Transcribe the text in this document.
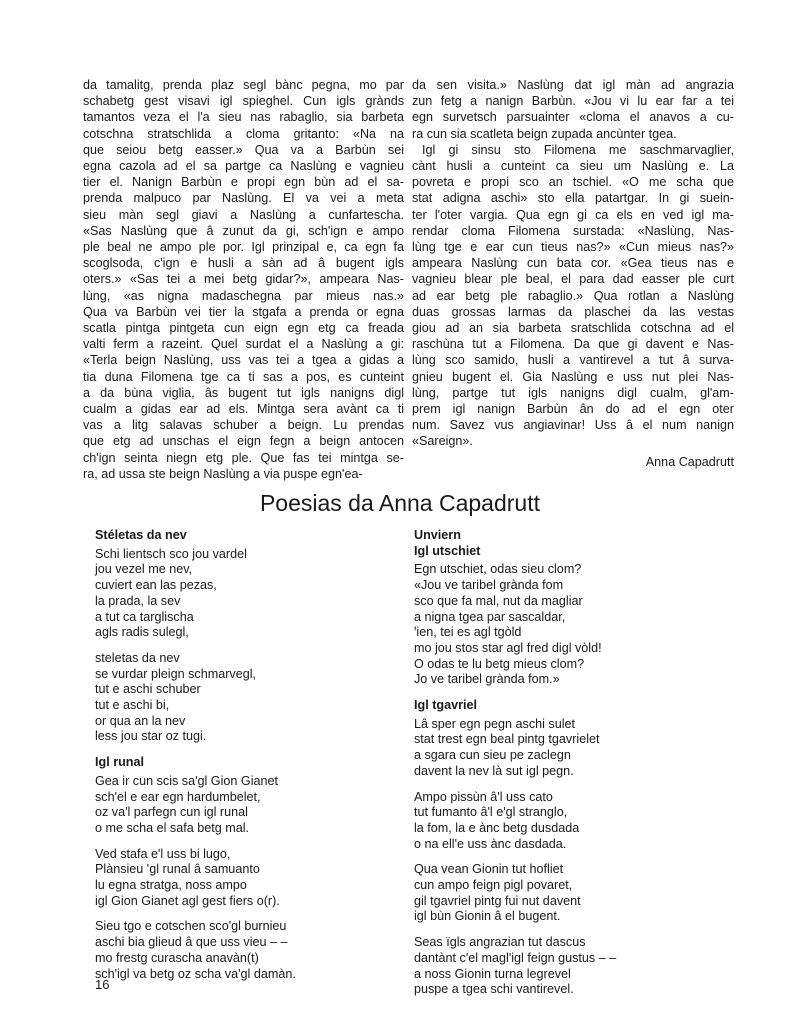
da tamalitg, prenda plaz segl bànc pegna, mo par
schabetg gest visavi igl spieghel. Cun igls grànds
tamantos veza el l'a sieu nas rabaglio, sia barbeta
cotschna stratschlida a cloma gritanto: «Na na
que seiou betg easser.» Qua va a Barbùn sei
egna cazola ad el sa partge ca Naslùng e vagnieu
tier el. Nanign Barbùn e propi egn bùn ad el sa-
prenda malpuco par Naslùng. El va vei a meta
sieu màn segl giavi a Naslùng a cunfartescha.
«Sas Naslùng que â zunut da gi, sch'ign e ampo
ple beal ne ampo ple por. Igl prinzipal e, ca egn fa
scoglsoda, c'ign e husli a sàn ad â bugent igls
oters.» «Sas tei a mei betg gidar?», ampeara Nas-
lùng, «as nigna madaschegna par mieus nas.»
Qua va Barbùn vei tier la stgafa a prenda or egna
scatla pintga pintgeta cun eign egn etg ca freada
valti ferm a razeint. Quel surdat el a Naslùng a gi:
«Terla beign Naslùng, uss vas tei a tgea a gidas a
tia duna Filomena tge ca ti sas a pos, es cunteint
a da bùna viglia, âs bugent tut igls nanigns digl
cualm a gidas ear ad els. Mintga sera avànt ca ti
vas a litg salavas schuber a beign. Lu prendas
que etg ad unschas el eign fegn a beign antocen
ch'ign seinta niegn etg ple. Que fas tei mintga se-
ra, ad ussa ste beign Naslùng a via puspe egn'ea-
da sen visita.» Naslùng dat igl màn ad angrazia
zun fetg a nanign Barbùn. «Jou vi lu ear far a tei
egn survetsch parsuainter «cloma el anavos a cu-
ra cun sia scatleta beign zupada ancùnter tgea.
Igl gi sinsu sto Filomena me saschmarvaglier,
cànt husli a cunteint ca sieu um Naslùng e. La
povreta e propi sco an tschiel. «O me scha que
stat adigna aschi» sto ella patartgar. In gi suein-
ter l'oter vargia. Qua egn gi ca els en ved igl ma-
rendar cloma Filomena surstada: «Naslùng, Nas-
lùng tge e ear cun tieus nas?» «Cun mieus nas?»
ampeara Naslùng cun bata cor. «Gea tieus nas e
vagnieu blear ple beal, el para dad easser ple curt
ad ear betg ple rabaglio.» Qua rotlan a Naslùng
duas grossas larmas da plaschei da las vestas
giou ad an sia barbeta sratschlida cotschna ad el
raschùna tut a Filomena. Da que gi davent e Nas-
lùng sco samido, husli a vantirevel a tut â surva-
gnieu bugent el. Gia Naslùng e uss nut plei Nas-
lùng, partge tut igls nanigns digl cualm, gl'am-
prem igl nanign Barbùn ân do ad el egn oter
num. Savez vus angiavinar! Uss â el num nanign
«Sareign».
Anna Capadrutt
Poesias da Anna Capadrutt
Stéletas da nev
Schi lientsch sco jou vardel
jou vezel me nev,
cuviert ean las pezas,
la prada, la sev
a tut ca targlischa
agls radis sulegl,
steletas da nev
se vurdar pleign schmarvegl,
tut e aschi schuber
tut e aschi bi,
or qua an la nev
less jou star oz tugi.
Igl runal
Gea ir cun scis sa'gl Gion Gianet
sch'el e ear egn hardumbelet,
oz va'l parfegn cun igl runal
o me scha el safa betg mal.
Ved stafa e'l uss bi lugo,
Plànsieu 'gl runal â samuanto
lu egna stratga, noss ampo
igl Gion Gianet agl gest fiers o(r).
Sieu tgo e cotschen sco'gl burnieu
aschi bia glieud â que uss vieu – –
mo frestg curascha anavàn(t)
sch'igl va betg oz scha va'gl damàn.
Unviern
Igl utschiet
Egn utschiet, odas sieu clom?
«Jou ve taribel grànda fom
sco que fa mal, nut da magliar
a nigna tgea par sascaldar,
ꞌien, tei es agl tgòld
mo jou stos star agl fred digl vòld!
O odas te lu betg mieus clom?
Jo ve taribel grànda fom.»
Igl tgavriel
Lâ sper egn pegn aschi sulet
stat trest egn beal pintg tgavrielet
a sgara cun sieu pe zaclegn
davent la nev là sut igl pegn.
Ampo pissùn â'l uss cato
tut fumanto â'l e'gl stranglo,
la fom, la e ànc betg dusdada
o na ell'e uss ànc dasdada.
Qua vean Gionin tut hofliet
cun ampo feign pigl povaret,
gil tgavriel pintg fui nut davent
igl bùn Gionin â el bugent.
Seas ïgls angrazian tut dascus
dantànt c'el magl'igl feign gustus – –
a noss Gionin turna legrevel
puspe a tgea schi vantirevel.
16
